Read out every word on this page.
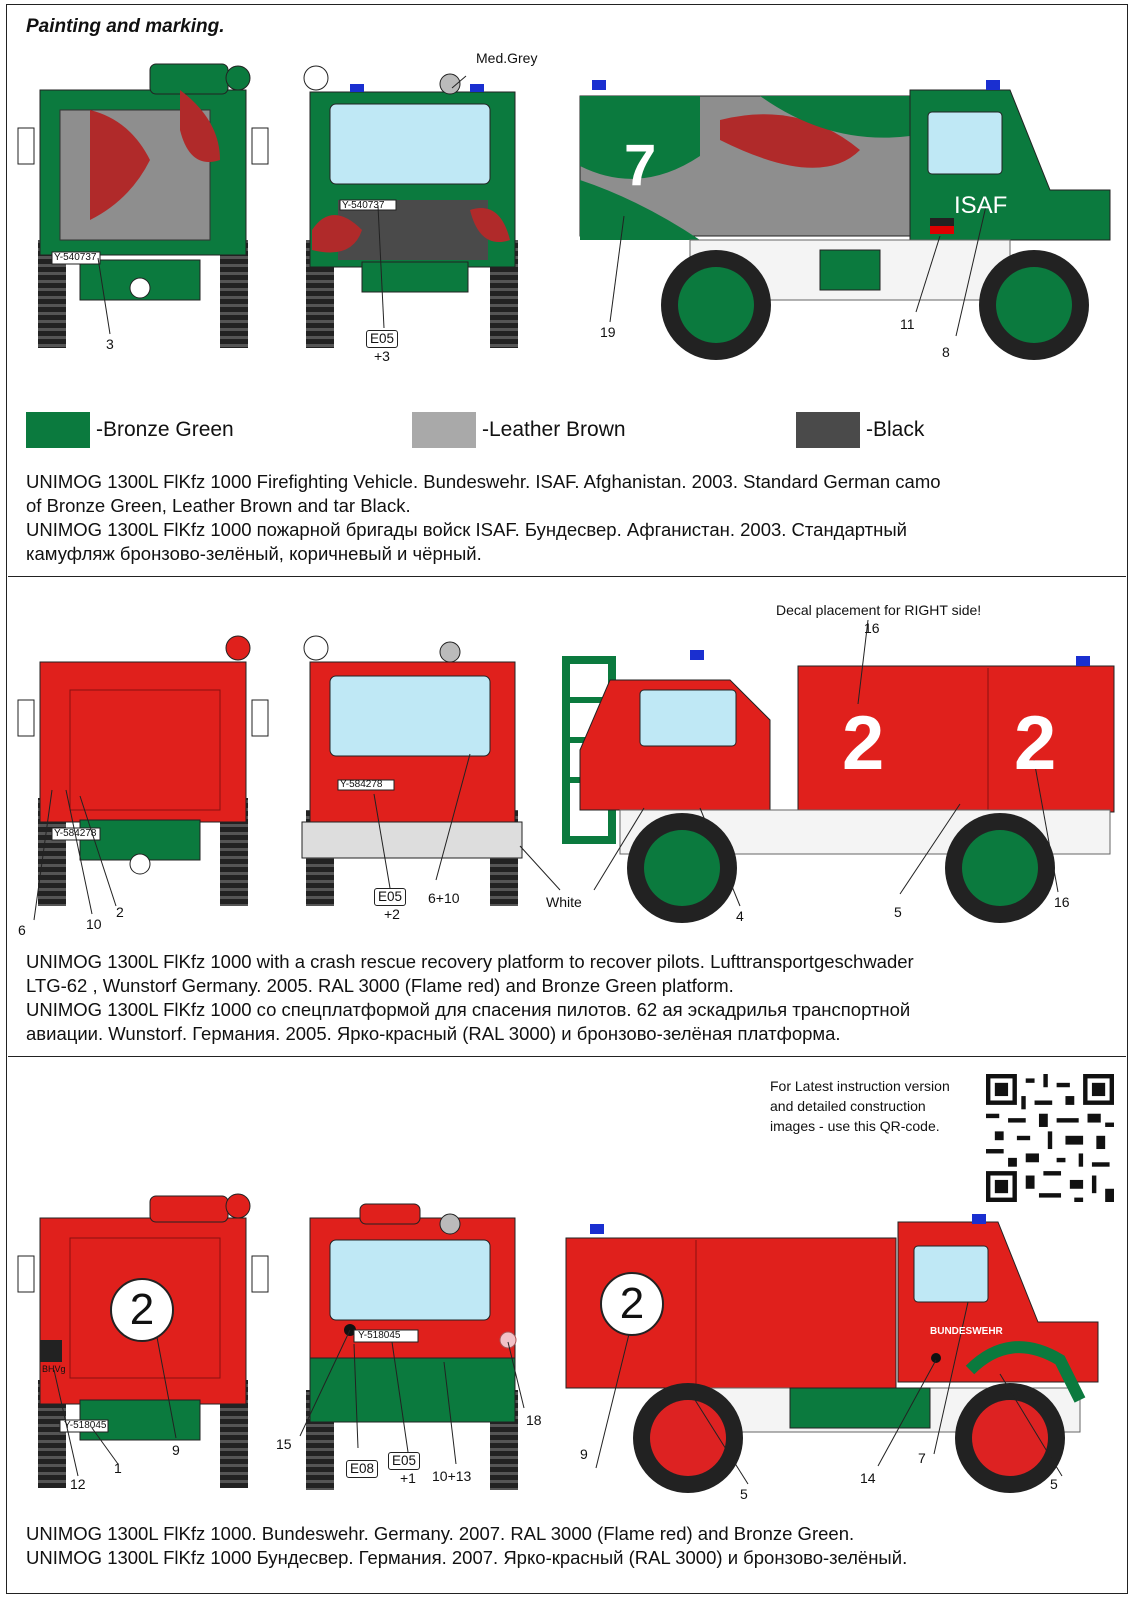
Painting and marking.
7
ISAF
Y-540737
Y-540737
2 2
Y-584278
Y-584278
2	2
BUNDESWEHR
BHVg
Y-518045
Y-518045
Med.Grey
3	E05
+3
19	11
8
-Bronze Green	-Leather Brown	-Black
UNIMOG 1300L FlKfz 1000 Firefighting Vehicle. Bundeswehr. ISAF. Afghanistan. 2003. Standard German camo
of Bronze Green, Leather Brown and tar Black.
UNIMOG 1300L FlKfz 1000 пожарной бригады войск ISAF. Бундесвер. Афганистан. 2003. Стандартный
камуфляж бронзово-зелёный, коричневый и чёрный.
Decal placement for RIGHT side!
16
6	10
2
E05
+2
6+10	White
4	5
16
UNIMOG 1300L FlKfz 1000 with a crash rescue recovery platform to recover pilots. Lufttransportgeschwader
LTG-62 , Wunstorf Germany. 2005. RAL 3000 (Flame red) and Bronze Green platform.
UNIMOG 1300L FlKfz 1000 со спецплатформой для спасения пилотов. 62 ая эскадрилья транспортной
авиации. Wunstorf. Германия. 2005. Ярко-красный (RAL 3000) и бронзово-зелёная платформа.
For Latest instruction version
and detailed construction
images - use this QR-code.
12
1
9	15
E08
E05
+1 10+13
18
9
5
14
7
5
UNIMOG 1300L FlKfz 1000. Bundeswehr. Germany. 2007. RAL 3000 (Flame red) and Bronze Green.
UNIMOG 1300L FlKfz 1000 Бундесвер. Германия. 2007. Ярко-красный (RAL 3000) и бронзово-зелёный.
